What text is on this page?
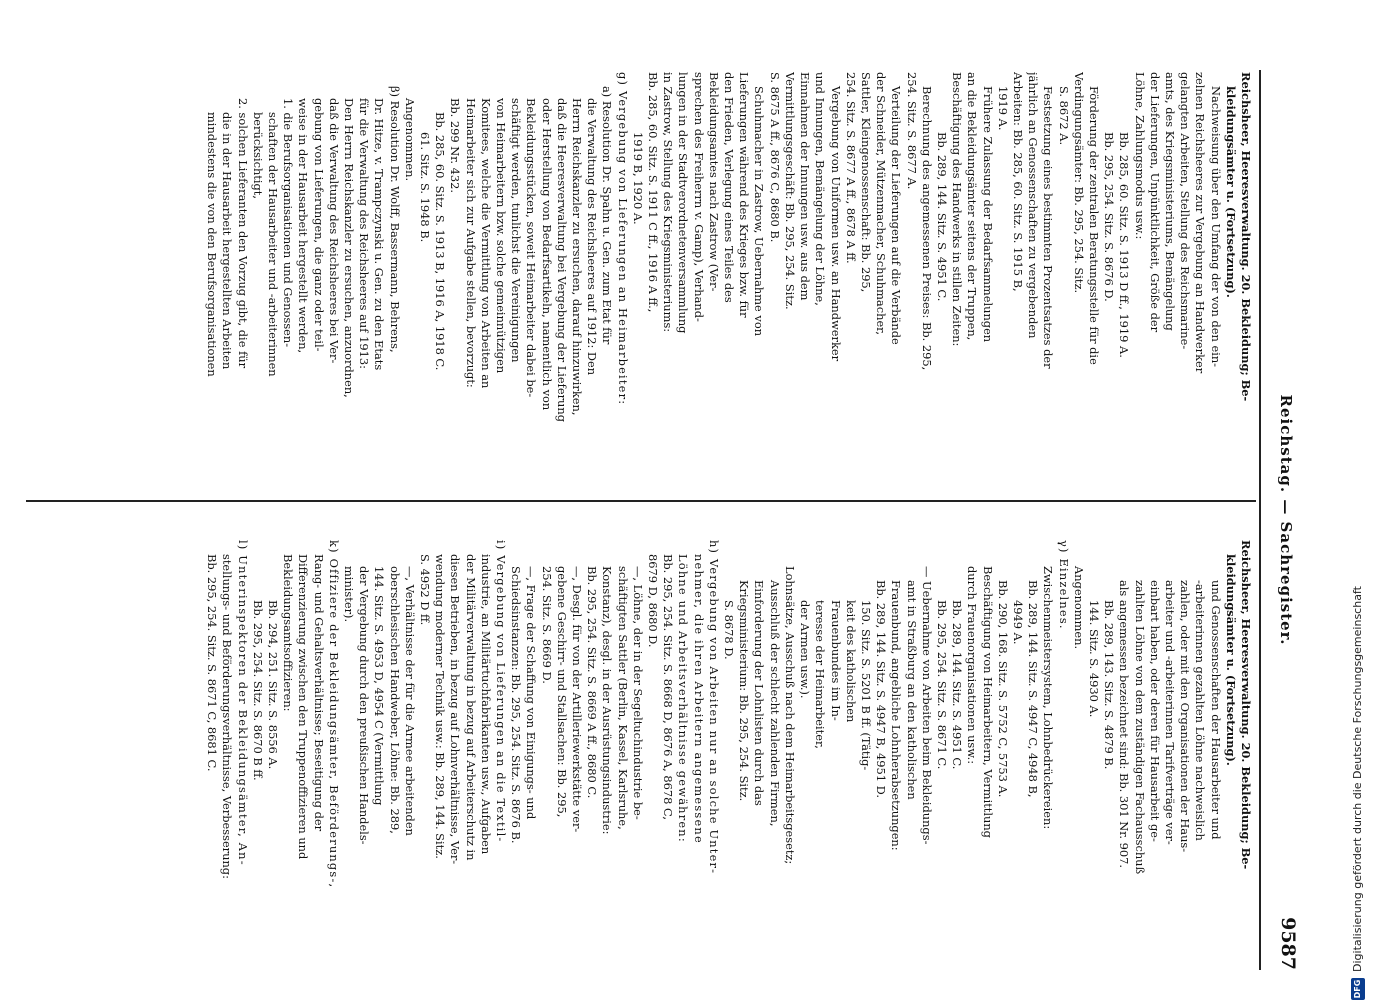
Reichstag. — Sachregister.
9587
Reichsheer, Heeresverwaltung. 20. Bekleidung; Be-
kleidungsämter u. (Fortsetzung).
Nachweisung über den Umfang der von den ein-
zelnen Reichsheeres zur Vergebung an Handwerker
gelangten Arbeiten, Stellung des Reichsmarine-
amts, des Kriegsministeriums, Bemängelung
der Lieferungen, Unpünktlichkeit, Größe der
Löhne, Zahlungsmodus usw.:
Bb. 285, 60. Sitz. S. 1913 D ff., 1919 A.
Bb. 295, 254. Sitz. S. 8676 D.
Förderung der zentralen Beratungsstelle für die
Verdingungsämter: Bb. 295, 254. Sitz.
S. 8672 A.
Festsetzung eines bestimmten Prozentsatzes der
jährlich an Genossenschaften zu vergebenden
Arbeiten: Bb. 285, 60. Sitz. S. 1915 B,
1919 A.
Frühere Zulassung der Bedarfsammelungen
an die Bekleidungsämter seitens der Truppen,
Beschäftigung des Handwerks in stillen Zeiten:
Bb. 289, 144. Sitz. S. 4951 C.
Berechnung des angemessenen Preises: Bb. 295,
254. Sitz. S. 8677 A.
Verteilung der Lieferungen auf die Verbände
der Schneider, Mützenmacher, Schuhmacher,
Sattler, Kleingenossenschaft: Bb. 295,
254. Sitz. S. 8677 A ff., 8678 A ff.
Vergebung von Uniformen usw. an Handwerker
und Innungen, Bemängelung der Löhne,
Einnahmen der Innungen usw. aus dem
Vermittlungsgeschäft: Bb. 295, 254. Sitz.
S. 8675 A ff., 8676 C, 8680 B.
Schuhmacher in Zastrow, Uebernahme von
Lieferungen während des Krieges bzw. für
den Frieden, Verlegung eines Teiles des
Bekleidungsamtes nach Zastrow (Ver-
sprechen des Freiherrn v. Gamp), Verhand-
lungen in der Stadtverordnetenversammlung
in Zastrow, Stellung des Kriegsministeriums:
Bb. 285, 60. Sitz. S. 1911 C ff., 1916 A ff.,
1919 B, 1920 A.
g) Vergebung von Lieferungen an Heimarbeiter:
a) Resolution Dr. Spahn u. Gen. zum Etat für
die Verwaltung des Reichsheeres auf 1912: Den
Herrn Reichskanzler zu ersuchen, darauf hinzuwirken,
daß die Heeresverwaltung bei Vergebung der Lieferung
oder Herstellung von Bedarfsartikeln, namentlich von
Bekleidungsstücken, soweit Heimarbeiter dabei be-
schäftigt werden, tunlichst die Vereinigungen
von Heimarbeitern bzw. solche gemeinnützigen
Komitees, welche die Vermittlung von Arbeiten an
Heimarbeiter sich zur Aufgabe stellen, bevorzugt:
Bb. 299 Nr. 432.
Bb. 285, 60. Sitz. S. 1913 B, 1916 A, 1918 C.
61. Sitz. S. 1948 B.
Angenommen.
β) Resolution Dr. Wolff, Bassermann, Behrens,
Dr. Hitze, v. Trampczynski u. Gen. zu den Etats
für die Verwaltung des Reichsheeres auf 1913:
Den Herrn Reichskanzler zu ersuchen, anzuordnen,
daß die Verwaltung des Reichsheeres bei Ver-
gebung von Lieferungen, die ganz oder teil-
weise in der Hausarbeit hergestellt werden,
1. die Berufsorganisationen und Genossen-
schaften der Hausarbeiter und -arbeiterinnen
berücksichtigt,
2. solchen Lieferanten den Vorzug gibt, die für
die in der Hausarbeit hergestellten Arbeiten
mindestens die von den Berufsorganisationen
Reichsheer, Heeresverwaltung. 20. Bekleidung; Be-
kleidungsämter u. (Fortsetzung).
und Genossenschaften der Hausarbeiter und
-arbeiterinnen gezahlten Löhne nachweislich
zahlen, oder mit den Organisationen der Haus-
arbeiter und -arbeiterinnen Tarifverträge ver-
einbart haben, oder deren für Hausarbeit ge-
zahlten Löhne von dem zuständigen Fachausschuß
als angemessen bezeichnet sind: Bb. 301 Nr. 907.
Bb. 289, 143. Sitz. S. 4879 B.
144. Sitz. S. 4930 A.
Angenommen.
γ) Einzelnes.
Zwischenmeistersystem, Lohnbedrückereien:
Bb. 289, 144. Sitz. S. 4947 C, 4948 B,
4949 A.
Bb. 290, 168. Sitz. S. 5752 C, 5753 A.
Beschäftigung von Heimarbeitern, Vermittlung
durch Frauenorganisationen usw.:
Bb. 289, 144. Sitz. S. 4951 C.
Bb. 295, 254. Sitz. S. 8671 C.
— Uebernahme von Arbeiten beim Bekleidungs-
amt in Straßburg an den katholischen
Frauenbund, angebliche Lohnherabsetzungen:
Bb. 289, 144. Sitz. S. 4947 B, 4951 D.
150. Sitz. S. 5201 B ff. (Tätig-
keit des katholischen
Frauenbundes im In-
teresse der Heimarbeiter,
der Armen usw.).
Lohnsätze, Ausschuß nach dem Heimarbeitsgesetz;
Ausschluß der schlecht zahlenden Firmen,
Einforderung der Lohnlisten durch das
Kriegsministerium: Bb. 295, 254. Sitz.
S. 8678 D.
h) Vergebung von Arbeiten nur an solche Unter-
nehmer, die ihren Arbeitern angemessene
Löhne und Arbeitsverhältnisse gewähren:
Bb. 295, 254. Sitz. S. 8668 D, 8676 A, 8678 C,
8679 D, 8680 D.
—, Löhne, der in der Segeltuchindustrie be-
schäftigten Sattler (Berlin, Kassel, Karlsruhe,
Konstanz), desgl. in der Ausrüstungsindustrie:
Bb. 295, 254. Sitz. S. 8669 A ff., 8680 C.
—, Desgl. für von der Artilleriewerkstätte ver-
gebene Geschirr- und Stallsachen: Bb. 295,
254. Sitz. S. 8669 D.
—, Frage der Schaffung von Einigungs- und
Schiedsinstanzen: Bb. 295, 254. Sitz. S. 8676 B.
i) Vergebung von Lieferungen an die Textil-
industrie, an Militärtuchfabrikanten usw., Aufgaben
der Militärverwaltung in bezug auf Arbeiterschutz in
diesen Betrieben, in bezug auf Lohnverhältnisse, Ver-
wendung moderner Technik usw.: Bb. 289, 144. Sitz.
S. 4952 D ff.
—, Verhältnisse der für die Armee arbeitenden
oberschlesischen Handweber, Löhne: Bb. 289,
144. Sitz. S. 4953 D, 4954 C (Vermittlung
der Vergebung durch den preußischen Handels-
minister).
k) Offiziere der Bekleidungsämter, Beförderungs-,
Rang- und Gehaltsverhältnisse; Beseitigung der
Differenzierung zwischen den Truppenoffizieren und
Bekleidungsamtsoffizieren:
Bb. 294, 251. Sitz. S. 8556 A.
Bb. 295, 254. Sitz. S. 8670 B ff.
l) Unterinspektoren der Bekleidungsämter, An-
stellungs- und Beförderungsverhältnisse, Verbesserung:
Bb. 295, 254. Sitz. S. 8671 C, 8681 C.
DFGDigitalisierung gefördert durch die Deutsche Forschungsgemeinschaft
